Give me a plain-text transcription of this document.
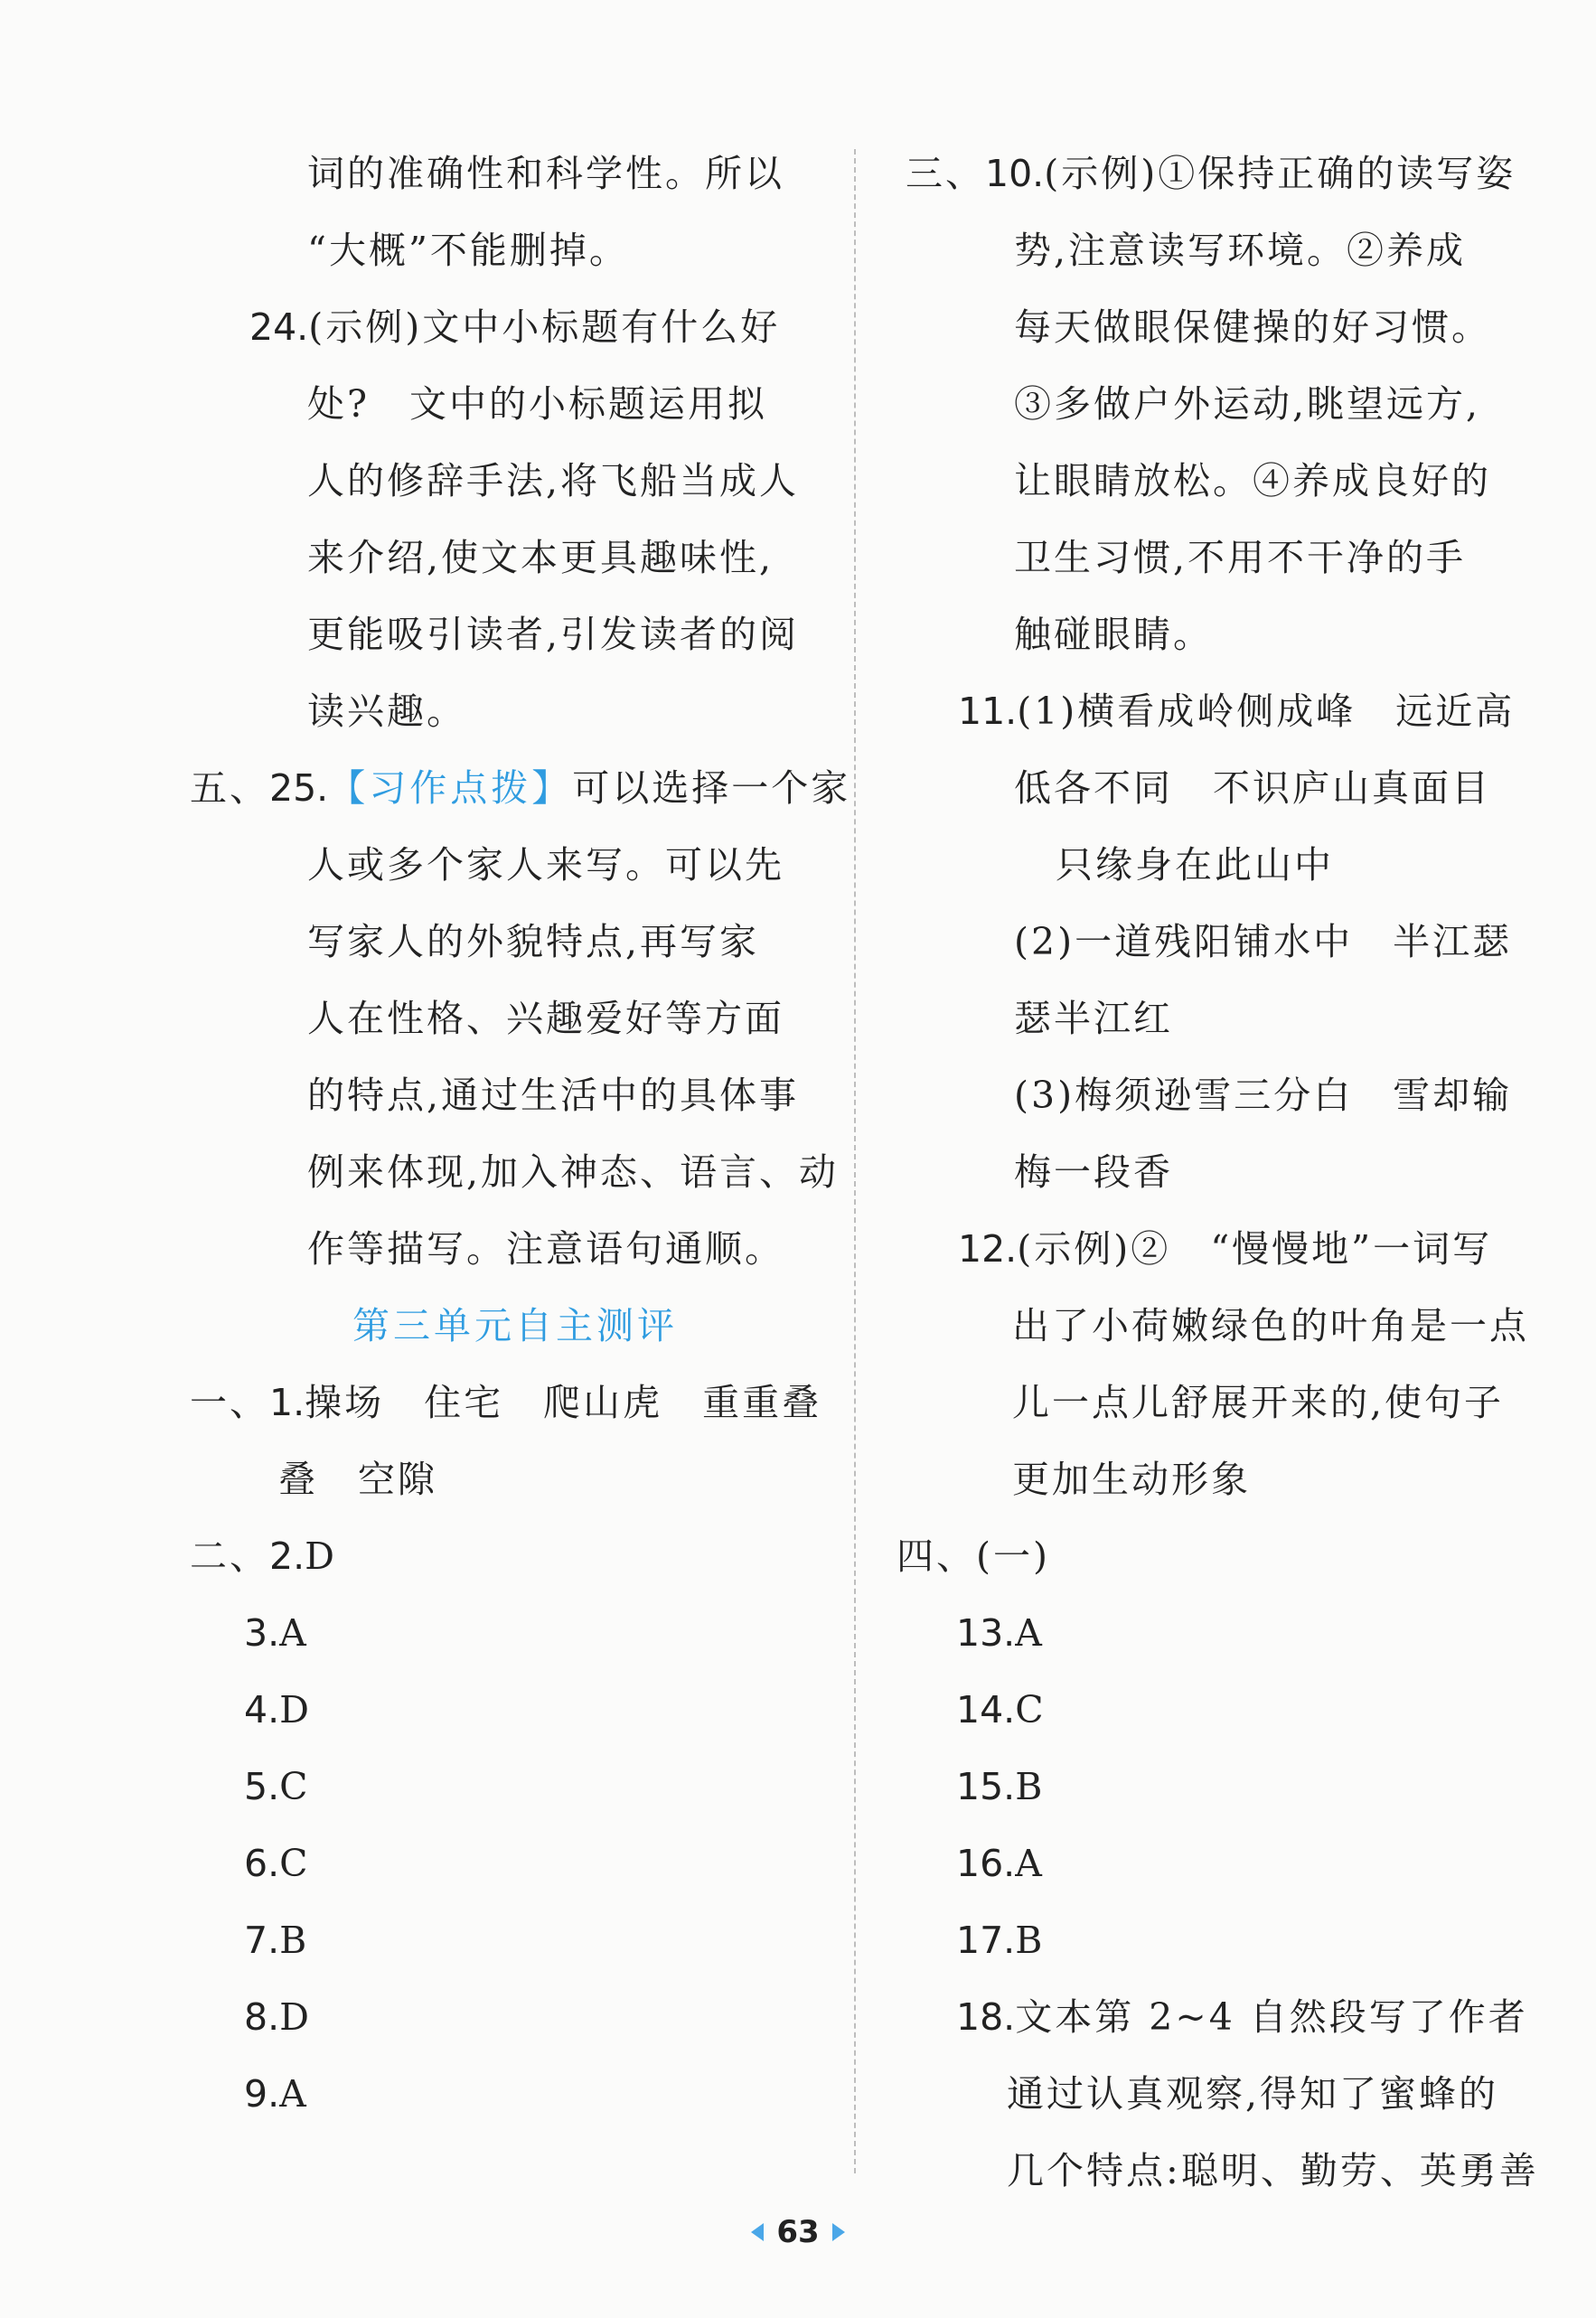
词的准确性和科学性。所以
“大概”不能删掉。
24.(示例)文中小标题有什么好
处? 文中的小标题运用拟
人的修辞手法,将飞船当成人
来介绍,使文本更具趣味性,
更能吸引读者,引发读者的阅
读兴趣。
五、25.【习作点拨】可以选择一个家
人或多个家人来写。可以先
写家人的外貌特点,再写家
人在性格、兴趣爱好等方面
的特点,通过生活中的具体事
例来体现,加入神态、语言、动
作等描写。注意语句通顺。
第三单元自主测评
一、1.操场 住宅 爬山虎 重重叠
叠 空隙
二、2.D
3.A
4.D
5.C
6.C
7.B
8.D
9.A
三、10.(示例)①保持正确的读写姿
势,注意读写环境。②养成
每天做眼保健操的好习惯。
③多做户外运动,眺望远方,
让眼睛放松。④养成良好的
卫生习惯,不用不干净的手
触碰眼睛。
11.(1)横看成岭侧成峰 远近高
低各不同 不识庐山真面目
只缘身在此山中
(2)一道残阳铺水中 半江瑟
瑟半江红
(3)梅须逊雪三分白 雪却输
梅一段香
12.(示例)② “慢慢地”一词写
出了小荷嫩绿色的叶角是一点
儿一点儿舒展开来的,使句子
更加生动形象
四、(一)
13.A
14.C
15.B
16.A
17.B
18.文本第 2~4 自然段写了作者
通过认真观察,得知了蜜蜂的
几个特点:聪明、勤劳、英勇善
63
